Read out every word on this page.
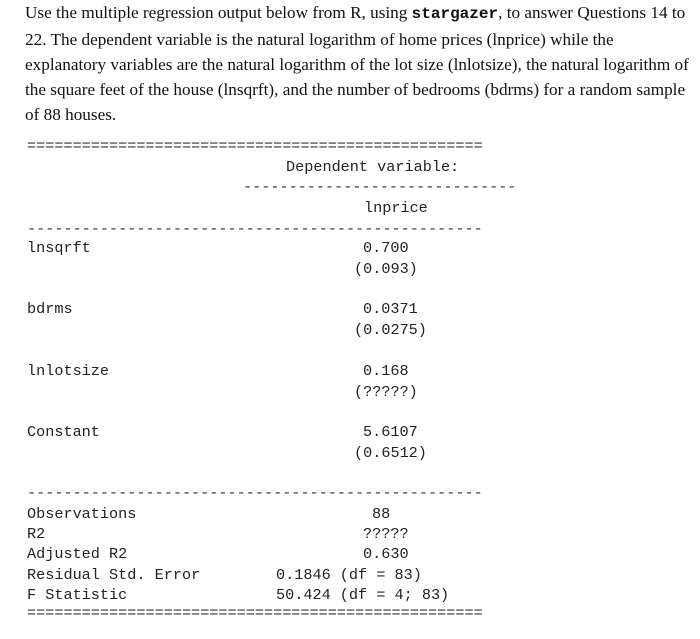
Use the multiple regression output below from R, using stargazer, to answer Questions 14 to 22. The dependent variable is the natural logarithm of home prices (lnprice) while the explanatory variables are the natural logarithm of the lot size (lnlotsize), the natural logarithm of the square feet of the house (lnsqrft), and the number of bedrooms (bdrms) for a random sample of 88 houses.

==================================================
Dependent variable:
------------------------------
lnprice
--------------------------------------------------
lnsqrft	0.700
(0.093)
bdrms	0.0371
(0.0275)
lnlotsize	0.168
(?????)
Constant	5.6107
(0.6512)
--------------------------------------------------
Observations	88
R2	?????
Adjusted R2	0.630
Residual Std. Error	0.1846 (df = 83)
F Statistic	50.424 (df = 4; 83)
==================================================
